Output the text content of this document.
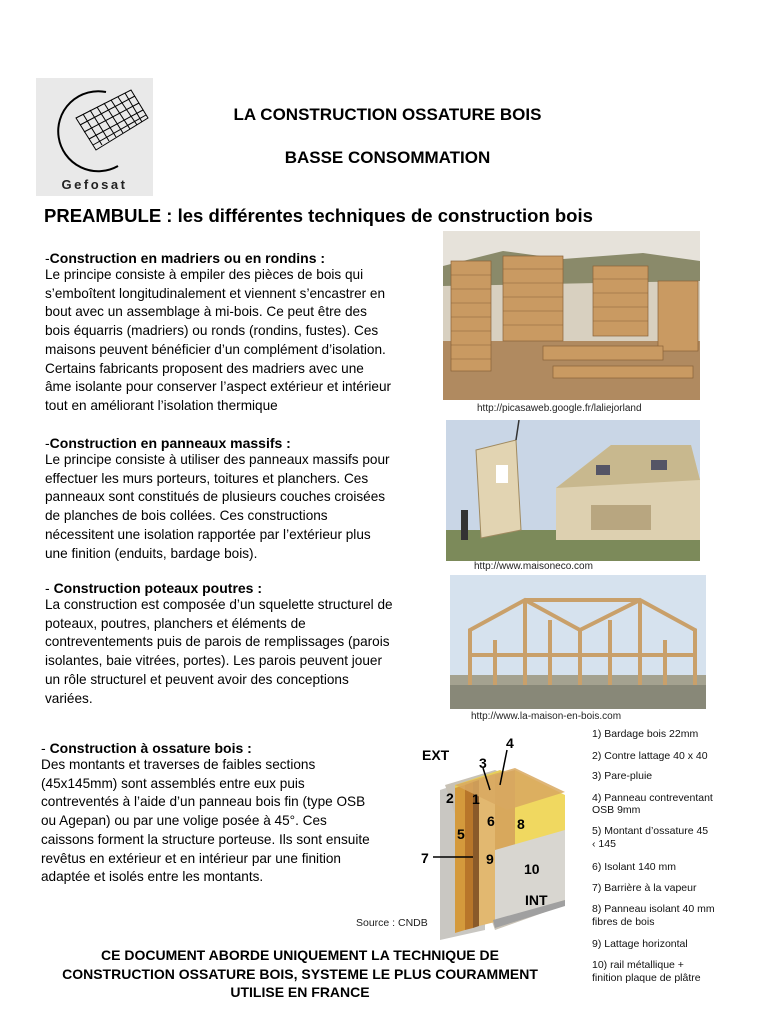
Gefosat
LA CONSTRUCTION OSSATURE BOIS
BASSE CONSOMMATION
PREAMBULE : les différentes techniques de construction bois
-Construction en madriers ou en rondins :
Le principe consiste à empiler des pièces de bois qui
s’emboîtent longitudinalement et viennent s’encastrer en
bout avec un assemblage à mi-bois. Ce peut être des
bois équarris (madriers) ou ronds (rondins, fustes). Ces
maisons peuvent bénéficier d’un complément d’isolation.
Certains fabricants proposent des madriers avec une
âme isolante pour conserver l’aspect extérieur et intérieur
tout en améliorant l’isolation thermique	http://picasaweb.google.fr/laliejorland
-Construction en panneaux massifs :
Le principe consiste à utiliser des panneaux massifs pour
effectuer les murs porteurs, toitures et planchers. Ces
panneaux sont constitués de plusieurs couches croisées
de planches de bois collées. Ces constructions
nécessitent une isolation rapportée par l’extérieur plus
une finition (enduits, bardage bois).
http://www.maisoneco.com
- Construction poteaux poutres :
La construction est composée d’un squelette structurel de
poteaux, poutres, planchers et éléments de
contreventements puis de parois de remplissages (parois
isolantes, baie vitrées, portes). Les parois peuvent jouer
un rôle structurel et peuvent avoir des conceptions
variées.
http://www.la-maison-en-bois.com
- Construction à ossature bois :
Des montants et traverses de faibles sections
(45x145mm) sont assemblés entre eux puis
contreventés à l’aide d’un panneau bois fin (type OSB
ou Agepan) ou par une volige posée à 45°. Ces
caissons forment la structure porteuse. Ils sont ensuite
revêtus en extérieur et en intérieur par une finition
adaptée et isolés entre les montants.
Source : CNDB
EXT
INT
1
2
3
4
5
6
7
8
9
10
1) Bardage bois 22mm
2) Contre lattage 40 x 40
3) Pare-pluie
4) Panneau contreventant
OSB 9mm
5) Montant d’ossature 45
‹ 145
6) Isolant 140 mm
7) Barrière à la vapeur
8) Panneau isolant 40 mm
fibres de bois
9) Lattage horizontal
10) rail métallique +
finition plaque de plâtre
CE DOCUMENT ABORDE UNIQUEMENT LA TECHNIQUE DE
CONSTRUCTION OSSATURE BOIS, SYSTEME LE PLUS COURAMMENT
UTILISE EN FRANCE
